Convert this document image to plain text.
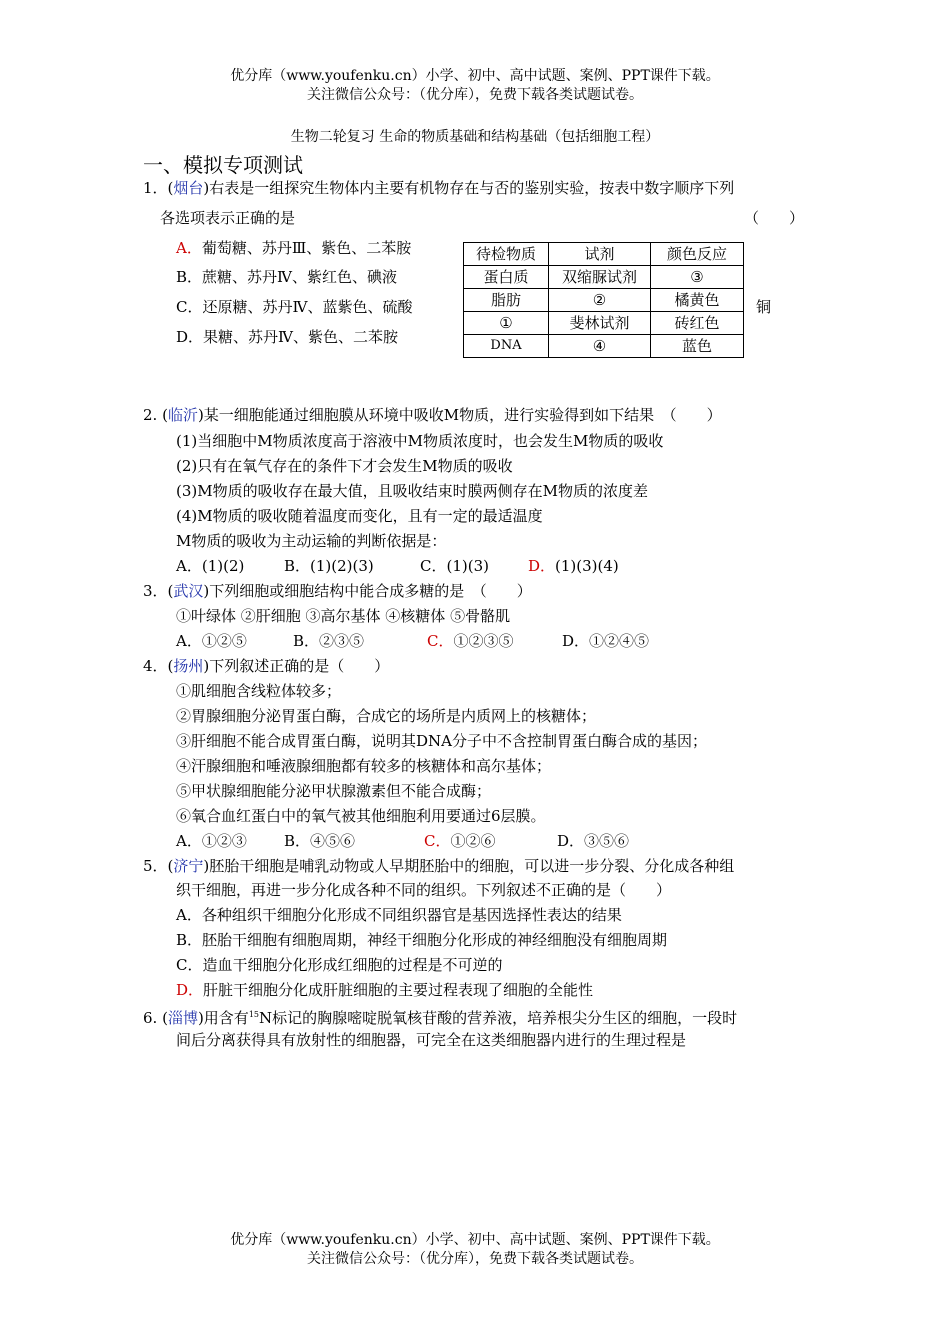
优分库（www.youfenku.cn）小学、初中、高中试题、案例、PPT课件下载。
关注微信公众号：（优分库），免费下载各类试题试卷。
生物二轮复习 生命的物质基础和结构基础（包括细胞工程）
一、模拟专项测试
1．(烟台)右表是一组探究生物体内主要有机物存在与否的鉴别实验，按表中数字顺序下列
各选项表示正确的是	（　　）
A．葡萄糖、苏丹Ⅲ、紫色、二苯胺
B．蔗糖、苏丹Ⅳ、紫红色、碘液
C．还原糖、苏丹Ⅳ、蓝紫色、硫酸
D．果糖、苏丹Ⅳ、紫色、二苯胺
待检物质	试剂	颜色反应
蛋白质	双缩脲试剂	③
脂肪	②	橘黄色
①	斐林试剂	砖红色
DNA	④	蓝色
铜
2. (临沂)某一细胞能通过细胞膜从环境中吸收M物质，进行实验得到如下结果　（　　）
(1)当细胞中M物质浓度高于溶液中M物质浓度时，也会发生M物质的吸收
(2)只有在氧气存在的条件下才会发生M物质的吸收
(3)M物质的吸收存在最大值，且吸收结束时膜两侧存在M物质的浓度差
(4)M物质的吸收随着温度而变化，且有一定的最适温度
M物质的吸收为主动运输的判断依据是：
A．(1)(2)	B．(1)(2)(3)	C．(1)(3)	D．(1)(3)(4)
3．(武汉)下列细胞或细胞结构中能合成多糖的是　（　　）
①叶绿体 ②肝细胞 ③高尔基体 ④核糖体 ⑤骨骼肌
A．①②⑤	B．②③⑤	C．①②③⑤	D．①②④⑤
4．(扬州)下列叙述正确的是（　　）
①肌细胞含线粒体较多；
②胃腺细胞分泌胃蛋白酶，合成它的场所是内质网上的核糖体；
③肝细胞不能合成胃蛋白酶，说明其DNA分子中不含控制胃蛋白酶合成的基因；
④汗腺细胞和唾液腺细胞都有较多的核糖体和高尔基体；
⑤甲状腺细胞能分泌甲状腺激素但不能合成酶；
⑥氧合血红蛋白中的氧气被其他细胞利用要通过6层膜。
A．①②③ B．④⑤⑥	C．①②⑥	D．③⑤⑥
5．(济宁)胚胎干细胞是哺乳动物或人早期胚胎中的细胞，可以进一步分裂、分化成各种组
织干细胞，再进一步分化成各种不同的组织。下列叙述不正确的是（　　）
A．各种组织干细胞分化形成不同组织器官是基因选择性表达的结果
B．胚胎干细胞有细胞周期，神经干细胞分化形成的神经细胞没有细胞周期
C．造血干细胞分化形成红细胞的过程是不可逆的
D．肝脏干细胞分化成肝脏细胞的主要过程表现了细胞的全能性
6. (淄博)用含有$^{15}$N标记的胸腺嘧啶脱氧核苷酸的营养液，培养根尖分生区的细胞，一段时
间后分离获得具有放射性的细胞器，可完全在这类细胞器内进行的生理过程是
优分库（www.youfenku.cn）小学、初中、高中试题、案例、PPT课件下载。
关注微信公众号：（优分库），免费下载各类试题试卷。
